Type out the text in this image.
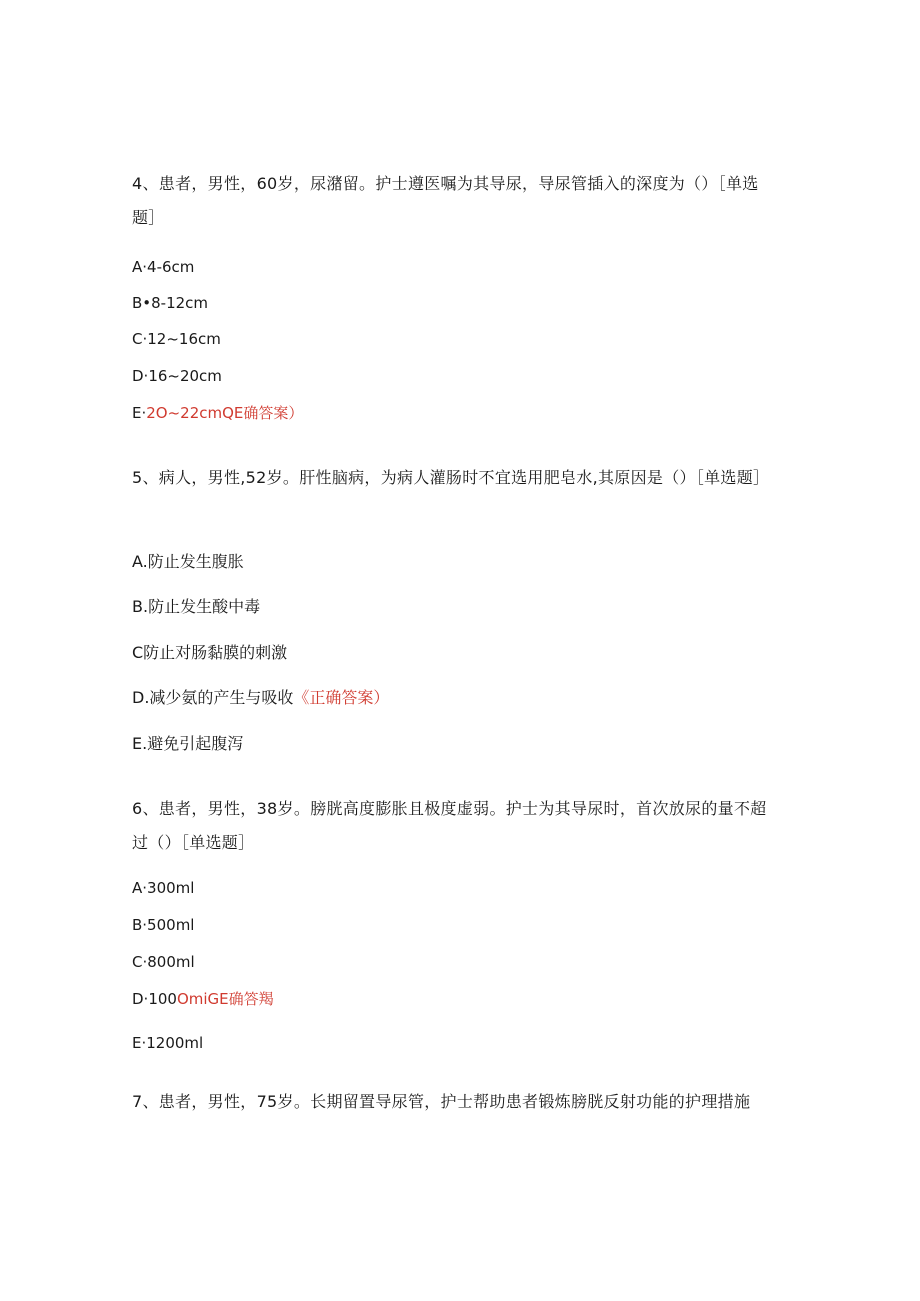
4、患者，男性，60岁，尿潴留。护士遵医嘱为其导尿，导尿管插入的深度为（）［单选题］

A·4-6cm

B•8-12cm

C·12~16cm

D·16~20cm

E·2O~22cmQE确答案）

5、病人，男性,52岁。肝性脑病，为病人灌肠时不宜选用肥皂水,其原因是（）［单选题］

A.防止发生腹胀

B.防止发生酸中毒

C防止对肠黏膜的刺激

D.减少氨的产生与吸收《正确答案）

E.避免引起腹泻

6、患者，男性，38岁。膀胱高度膨胀且极度虚弱。护士为其导尿时，首次放尿的量不超过（）［单选题］

A·300ml

B·500ml

C·800ml

D·100OmiGE确答羯

E·1200ml

7、患者，男性，75岁。长期留置导尿管，护士帮助患者锻炼膀胱反射功能的护理措施
